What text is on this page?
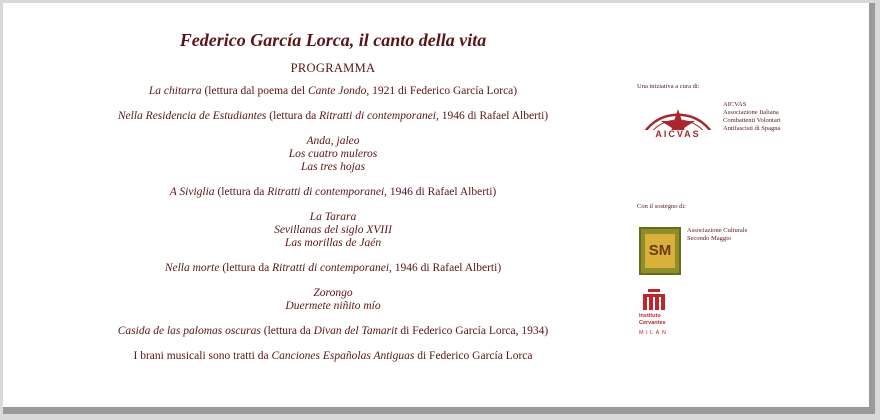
Federico García Lorca, il canto della vita
PROGRAMMA
La chitarra (lettura dal poema del Cante Jondo, 1921 di Federico García Lorca)
Nella Residencia de Estudiantes (lettura da Ritratti di contemporanei, 1946 di Rafael Alberti)
Anda, jaleo
Los cuatro muleros
Las tres hojas
A Siviglia (lettura da Ritratti di contemporanei, 1946 di Rafael Alberti)
La Tarara
Sevillanas del siglo XVIII
Las morillas de Jaén
Nella morte (lettura da Ritratti di contemporanei, 1946 di Rafael Alberti)
Zorongo
Duermete niñito mío
Casida de las palomas oscuras (lettura da Divan del Tamarit di Federico García Lorca, 1934)
I brani musicali sono tratti da Canciones Españolas Antiguas di Federico García Lorca
Una iniziativa a cura di:
AICVAS
AICVAS
Associazione Italiana
Combattenti Volontari
Antifascisti di Spagna
Con il sostegno di:
SM
Associazione Culturale
Secondo Maggio
Instituto
Cervantes
MILÁN
